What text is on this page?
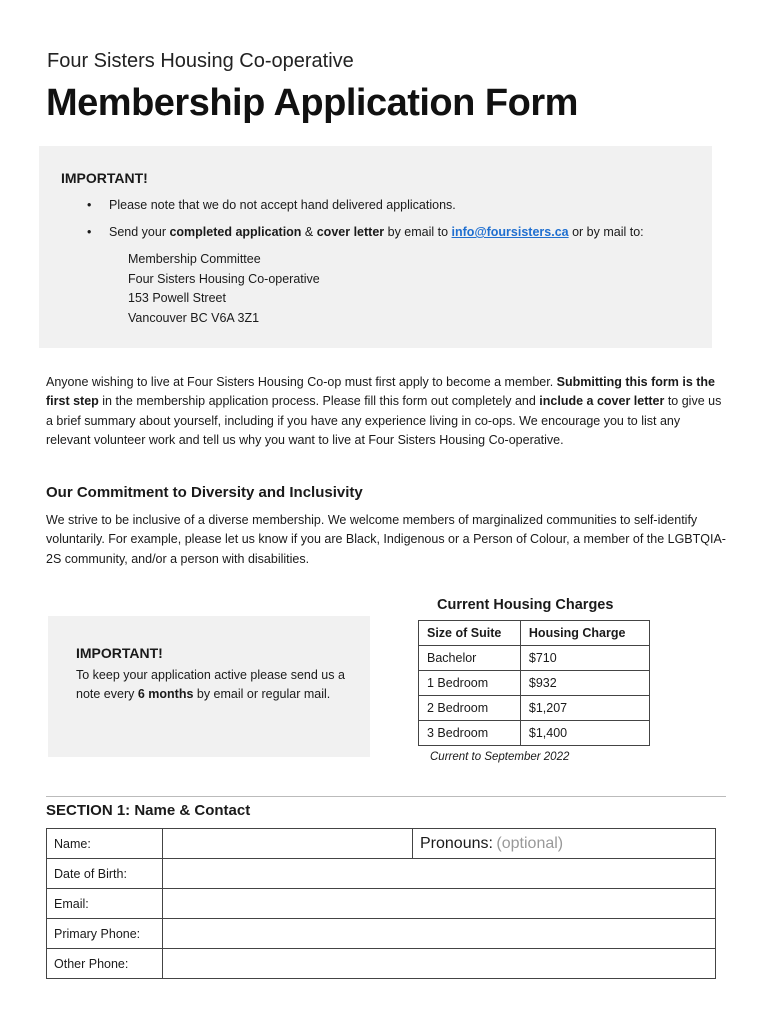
Four Sisters Housing Co-operative
Membership Application Form
IMPORTANT!
• Please note that we do not accept hand delivered applications.
• Send your completed application & cover letter by email to info@foursisters.ca or by mail to:
Membership Committee
Four Sisters Housing Co-operative
153 Powell Street
Vancouver BC V6A 3Z1
Anyone wishing to live at Four Sisters Housing Co-op must first apply to become a member. Submitting this form is the first step in the membership application process. Please fill this form out completely and include a cover letter to give us a brief summary about yourself, including if you have any experience living in co-ops. We encourage you to list any relevant volunteer work and tell us why you want to live at Four Sisters Housing Co-operative.
Our Commitment to Diversity and Inclusivity
We strive to be inclusive of a diverse membership. We welcome members of marginalized communities to self-identify voluntarily. For example, please let us know if you are Black, Indigenous or a Person of Colour, a member of the LGBTQIA-2S community, and/or a person with disabilities.
IMPORTANT!
To keep your application active please send us a note every 6 months by email or regular mail.
Current Housing Charges
Size of Suite	Housing Charge
Bachelor	$710
1 Bedroom	$932
2 Bedroom	$1,207
3 Bedroom	$1,400
Current to September 2022
SECTION 1: Name & Contact
Name:		Pronouns: (optional)
Date of Birth:		
Email:		
Primary Phone:		
Other Phone:		
